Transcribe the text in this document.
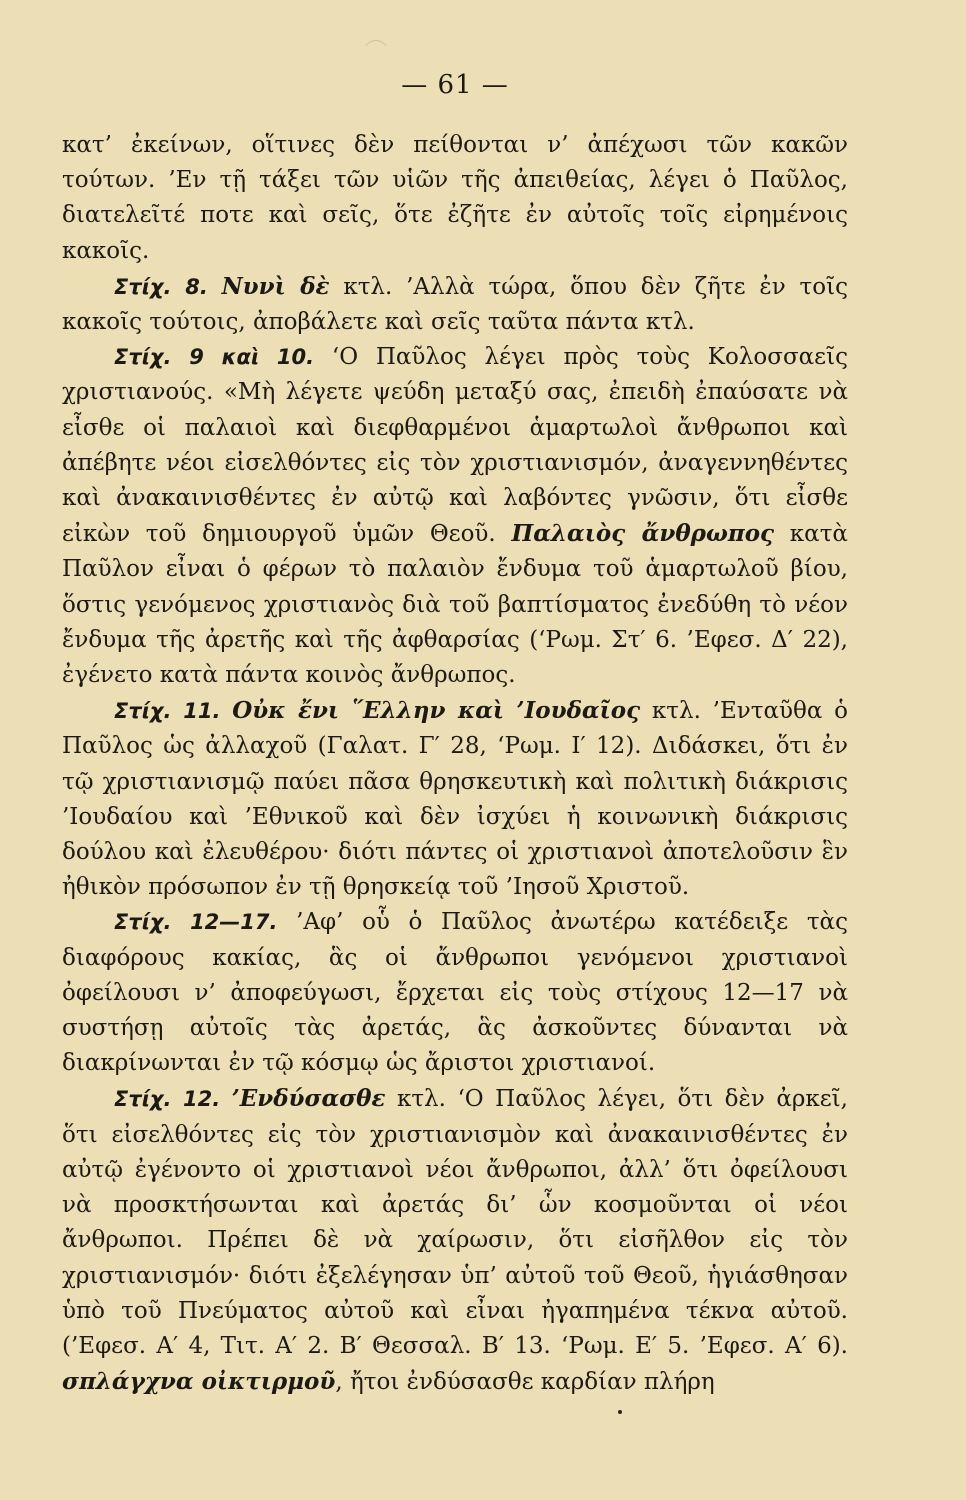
— 61 —

κατ’ ἐκείνων, οἵτινες δὲν πείθονται ν’ ἀπέχωσι τῶν κακῶν τούτων. ’Εν τῇ τάξει τῶν υἱῶν τῆς ἀπειθείας, λέγει ὁ Παῦλος, διατελεῖτέ ποτε καὶ σεῖς, ὅτε ἐζῆτε ἐν αὐτοῖς τοῖς εἰρημένοις κακοῖς.

Στίχ. 8. Νυνὶ δὲ κτλ. ’Αλλὰ τώρα, ὅπου δὲν ζῆτε ἐν τοῖς κακοῖς τούτοις, ἀποβάλετε καὶ σεῖς ταῦτα πάντα κτλ.

Στίχ. 9 καὶ 10. ‘Ο Παῦλος λέγει πρὸς τοὺς Κολοσσαεῖς χριστιανούς. «Μὴ λέγετε ψεύδη μεταξύ σας, ἐπειδὴ ἐπαύσατε νὰ εἶσθε οἱ παλαιοὶ καὶ διεφθαρμένοι ἁμαρτωλοὶ ἄνθρωποι καὶ ἀπέβητε νέοι εἰσελθόντες εἰς τὸν χριστιανισμόν, ἀναγεννηθέντες καὶ ἀνακαινισθέντες ἐν αὐτῷ καὶ λαβόντες γνῶσιν, ὅτι εἶσθε εἰκὼν τοῦ δημιουργοῦ ὑμῶν Θεοῦ. Παλαιὸς ἄνθρωπος κατὰ Παῦλον εἶναι ὁ φέρων τὸ παλαιὸν ἔνδυμα τοῦ ἁμαρτωλοῦ βίου, ὅστις γενόμενος χριστιανὸς διὰ τοῦ βαπτίσματος ἐνεδύθη τὸ νέον ἔνδυμα τῆς ἀρετῆς καὶ τῆς ἀφθαρσίας (‘Ρωμ. Στ′ 6. ’Εφεσ. Δ′ 22), ἐγένετο κατὰ πάντα κοινὸς ἄνθρωπος.

Στίχ. 11. Οὐκ ἔνι ῞Ελλην καὶ ’Ιουδαῖος κτλ. ’Ενταῦθα ὁ Παῦλος ὡς ἀλλαχοῦ (Γαλατ. Γ′ 28, ‘Ρωμ. Ι′ 12). Διδάσκει, ὅτι ἐν τῷ χριστιανισμῷ παύει πᾶσα θρησκευτικὴ καὶ πολιτικὴ διάκρισις ’Ιουδαίου καὶ ’Εθνικοῦ καὶ δὲν ἰσχύει ἡ κοινωνικὴ διάκρισις δούλου καὶ ἐλευθέρου· διότι πάντες οἱ χριστιανοὶ ἀποτελοῦσιν ἓν ἠθικὸν πρόσωπον ἐν τῇ θρησκείᾳ τοῦ ’Ιησοῦ Χριστοῦ.

Στίχ. 12—17. ’Αφ’ οὗ ὁ Παῦλος ἀνωτέρω κατέδειξε τὰς διαφόρους κακίας, ἃς οἱ ἄνθρωποι γενόμενοι χριστιανοὶ ὀφείλουσι ν’ ἀποφεύγωσι, ἔρχεται εἰς τοὺς στίχους 12—17 νὰ συστήσῃ αὐτοῖς τὰς ἀρετάς, ἃς ἀσκοῦντες δύνανται νὰ διακρίνωνται ἐν τῷ κόσμῳ ὡς ἄριστοι χριστιανοί.

Στίχ. 12. ’Ενδύσασθε κτλ. ‘Ο Παῦλος λέγει, ὅτι δὲν ἀρκεῖ, ὅτι εἰσελθόντες εἰς τὸν χριστιανισμὸν καὶ ἀνακαινισθέντες ἐν αὐτῷ ἐγένοντο οἱ χριστιανοὶ νέοι ἄνθρωποι, ἀλλ’ ὅτι ὀφείλουσι νὰ προσκτήσωνται καὶ ἀρετάς δι’ ὧν κοσμοῦνται οἱ νέοι ἄνθρωποι. Πρέπει δὲ νὰ χαίρωσιν, ὅτι εἰσῆλθον εἰς τὸν χριστιανισμόν· διότι ἐξελέγησαν ὑπ’ αὐτοῦ τοῦ Θεοῦ, ἡγιάσθησαν ὑπὸ τοῦ Πνεύματος αὐτοῦ καὶ εἶναι ἠγαπημένα τέκνα αὐτοῦ. (’Εφεσ. Α′ 4, Τιτ. Α′ 2. Β′ Θεσσαλ. Β′ 13. ‘Ρωμ. Ε′ 5. ’Εφεσ. Α′ 6). σπλάγχνα οἰκτιρμοῦ, ἤτοι ἐνδύσασθε καρδίαν πλήρη
